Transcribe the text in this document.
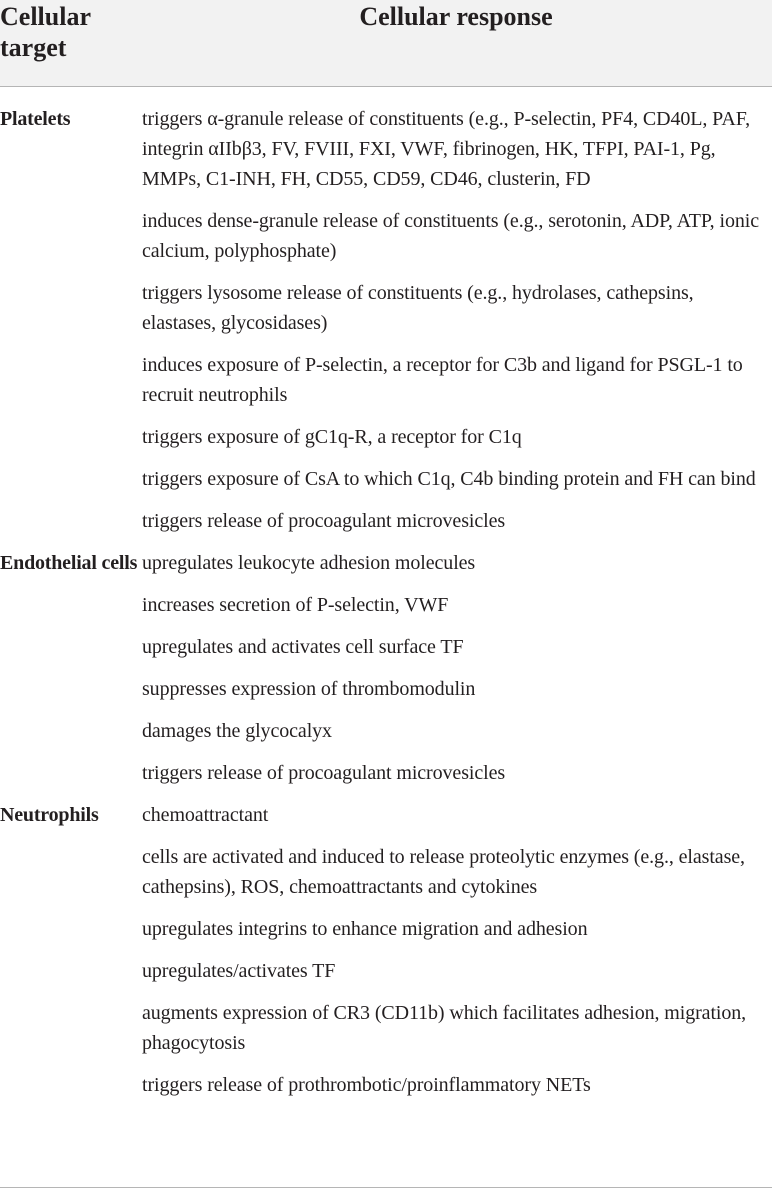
Cellular target
Cellular response
Platelets	triggers α-granule release of constituents (e.g., P-selectin, PF4, CD40L, PAF, integrin αIIbβ3, FV, FVIII, FXI, VWF, fibrinogen, HK, TFPI, PAI-1, Pg, MMPs, C1-INH, FH, CD55, CD59, CD46, clusterin, FD
induces dense-granule release of constituents (e.g., serotonin, ADP, ATP, ionic calcium, polyphosphate)
triggers lysosome release of constituents (e.g., hydrolases, cathepsins, elastases, glycosidases)
induces exposure of P-selectin, a receptor for C3b and ligand for PSGL-1 to recruit neutrophils
triggers exposure of gC1q-R, a receptor for C1q
triggers exposure of CsA to which C1q, C4b binding protein and FH can bind
triggers release of procoagulant microvesicles
Endothelial cells upregulates leukocyte adhesion molecules
increases secretion of P-selectin, VWF
upregulates and activates cell surface TF
suppresses expression of thrombomodulin
damages the glycocalyx
triggers release of procoagulant microvesicles
Neutrophils	chemoattractant
cells are activated and induced to release proteolytic enzymes (e.g., elastase, cathepsins), ROS, chemoattractants and cytokines
upregulates integrins to enhance migration and adhesion
upregulates/activates TF
augments expression of CR3 (CD11b) which facilitates adhesion, migration, phagocytosis
triggers release of prothrombotic/proinflammatory NETs
